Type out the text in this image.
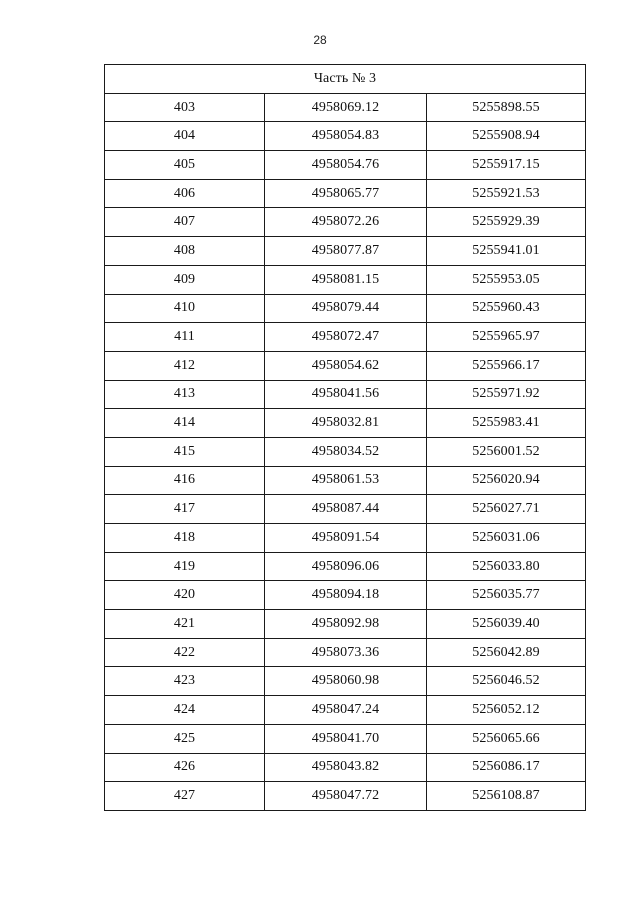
28
Часть № 3		
403	4958069.12	5255898.55
404	4958054.83	5255908.94
405	4958054.76	5255917.15
406	4958065.77	5255921.53
407	4958072.26	5255929.39
408	4958077.87	5255941.01
409	4958081.15	5255953.05
410	4958079.44	5255960.43
411	4958072.47	5255965.97
412	4958054.62	5255966.17
413	4958041.56	5255971.92
414	4958032.81	5255983.41
415	4958034.52	5256001.52
416	4958061.53	5256020.94
417	4958087.44	5256027.71
418	4958091.54	5256031.06
419	4958096.06	5256033.80
420	4958094.18	5256035.77
421	4958092.98	5256039.40
422	4958073.36	5256042.89
423	4958060.98	5256046.52
424	4958047.24	5256052.12
425	4958041.70	5256065.66
426	4958043.82	5256086.17
427	4958047.72	5256108.87
